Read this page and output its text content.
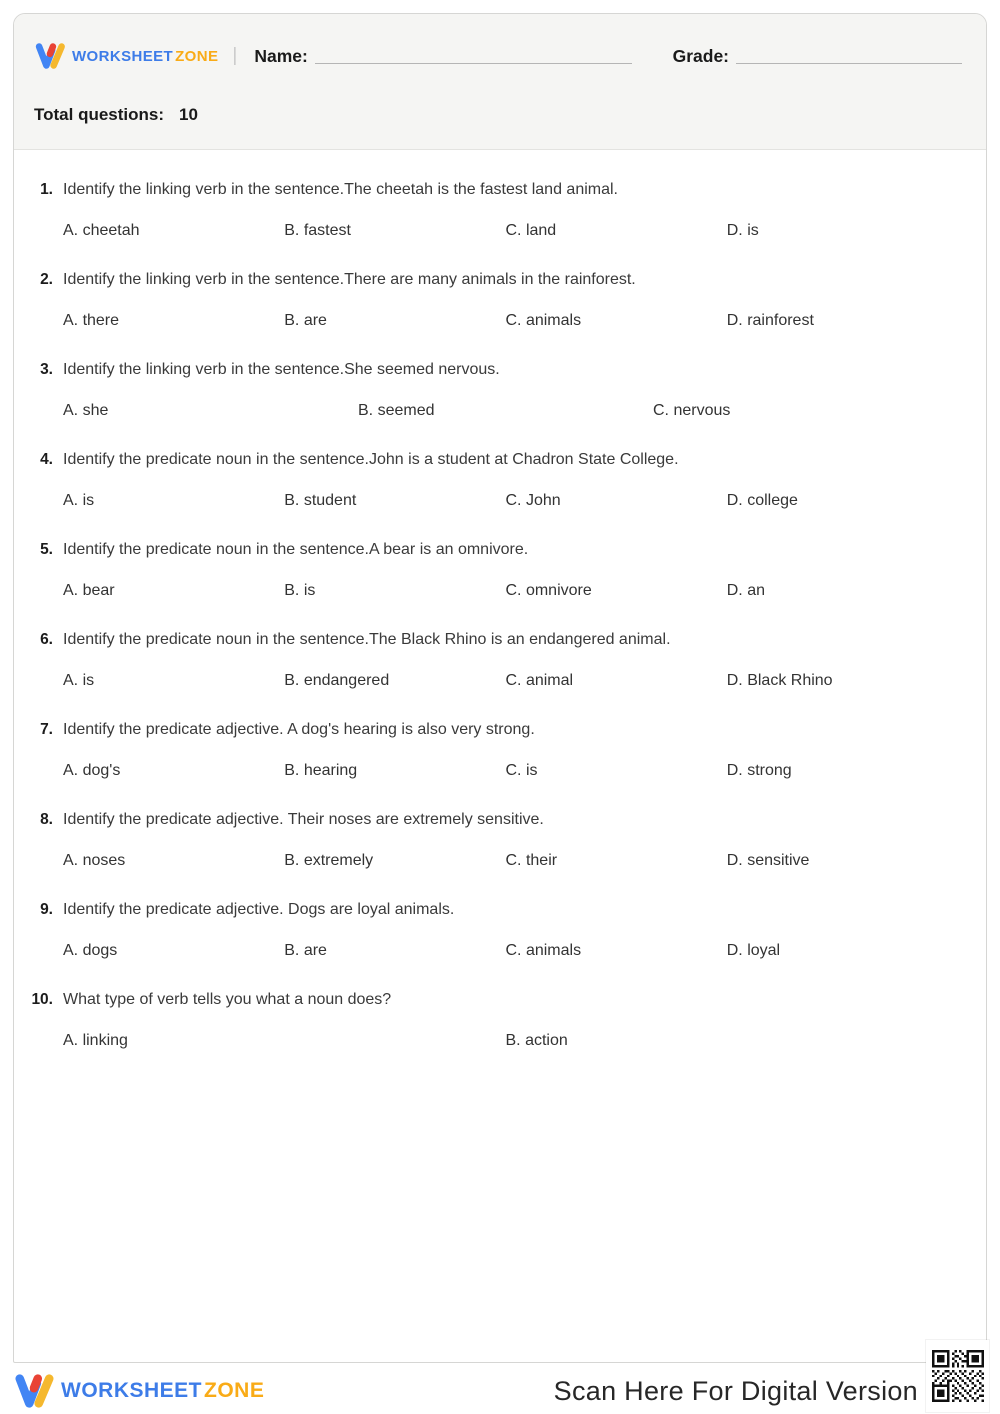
WORKSHEET ZONE | Name:	Grade:
Total questions: 10
1. Identify the linking verb in the sentence.The cheetah is the fastest land animal.
A. cheetah	B. fastest	C. land	D. is
2. Identify the linking verb in the sentence.There are many animals in the rainforest.
A. there	B. are	C. animals	D. rainforest
3. Identify the linking verb in the sentence.She seemed nervous.
A. she	B. seemed	C. nervous
4. Identify the predicate noun in the sentence.John is a student at Chadron State College.
A. is	B. student	C. John	D. college
5. Identify the predicate noun in the sentence.A bear is an omnivore.
A. bear	B. is	C. omnivore	D. an
6. Identify the predicate noun in the sentence.The Black Rhino is an endangered animal.
A. is	B. endangered	C. animal	D. Black Rhino
7. Identify the predicate adjective. A dog's hearing is also very strong.
A. dog's	B. hearing	C. is	D. strong
8. Identify the predicate adjective. Their noses are extremely sensitive.
A. noses	B. extremely	C. their	D. sensitive
9. Identify the predicate adjective. Dogs are loyal animals.
A. dogs	B. are	C. animals	D. loyal
10. What type of verb tells you what a noun does?
A. linking	B. action
WORKSHEETZONE	Scan Here For Digital Version
